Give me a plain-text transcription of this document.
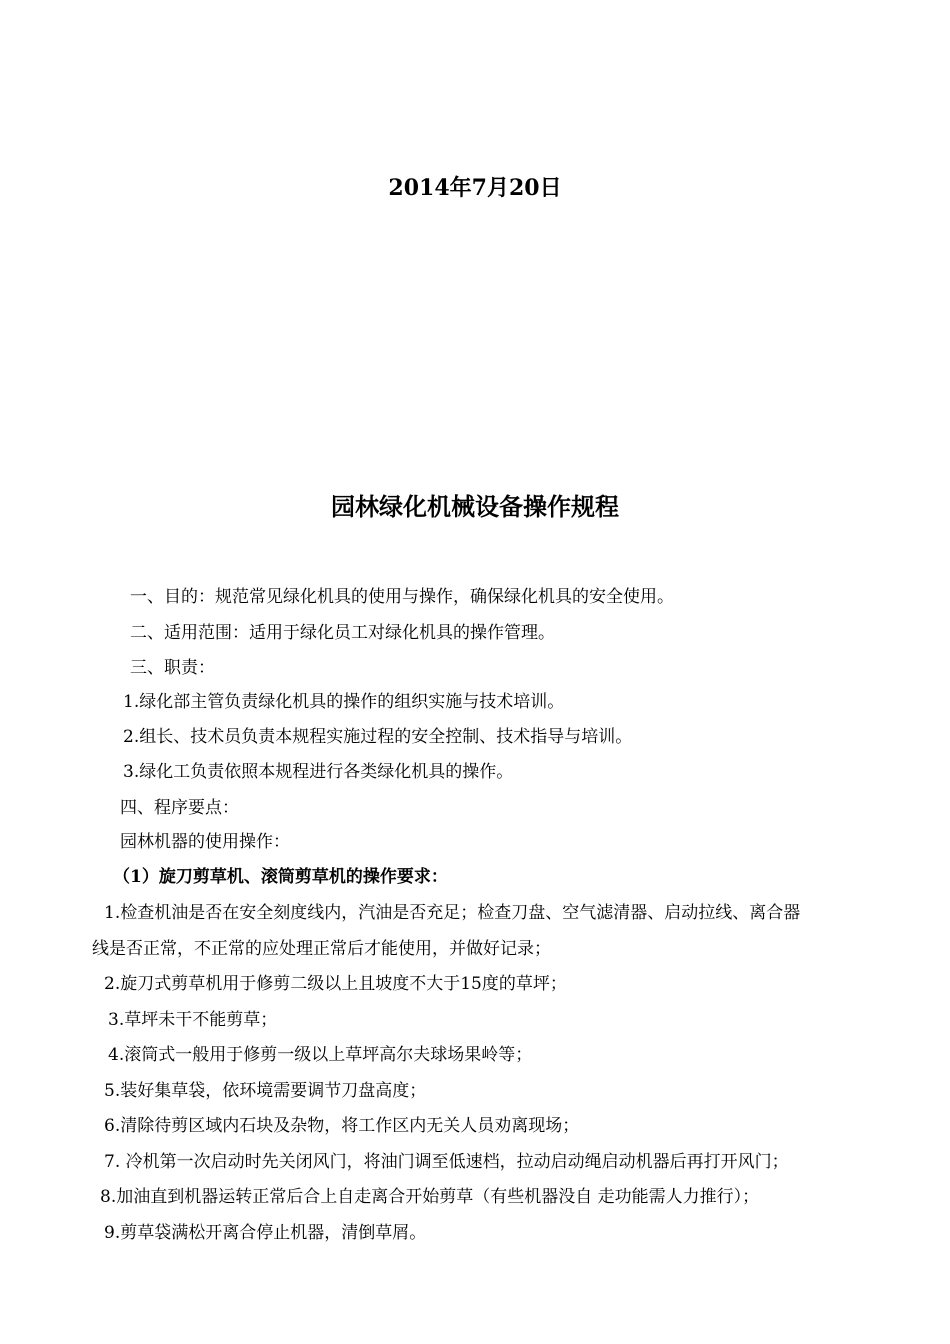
2014年7月20日
园林绿化机械设备操作规程
一、目的：规范常见绿化机具的使用与操作，确保绿化机具的安全使用。
二、适用范围：适用于绿化员工对绿化机具的操作管理。
三、职责：
1.绿化部主管负责绿化机具的操作的组织实施与技术培训。
2.组长、技术员负责本规程实施过程的安全控制、技术指导与培训。
3.绿化工负责依照本规程进行各类绿化机具的操作。
四、程序要点：
园林机器的使用操作：
（1）旋刀剪草机、滚筒剪草机的操作要求：
1.检查机油是否在安全刻度线内，汽油是否充足；检查刀盘、空气滤清器、启动拉线、离合器
线是否正常，不正常的应处理正常后才能使用，并做好记录；
2.旋刀式剪草机用于修剪二级以上且坡度不大于15度的草坪；
3.草坪未干不能剪草；
4.滚筒式一般用于修剪一级以上草坪高尔夫球场果岭等；
5.装好集草袋，依环境需要调节刀盘高度；
6.清除待剪区域内石块及杂物，将工作区内无关人员劝离现场；
7. 冷机第一次启动时先关闭风门，将油门调至低速档，拉动启动绳启动机器后再打开风门；
8.加油直到机器运转正常后合上自走离合开始剪草（有些机器没自 走功能需人力推行）；
9.剪草袋满松开离合停止机器，清倒草屑。
